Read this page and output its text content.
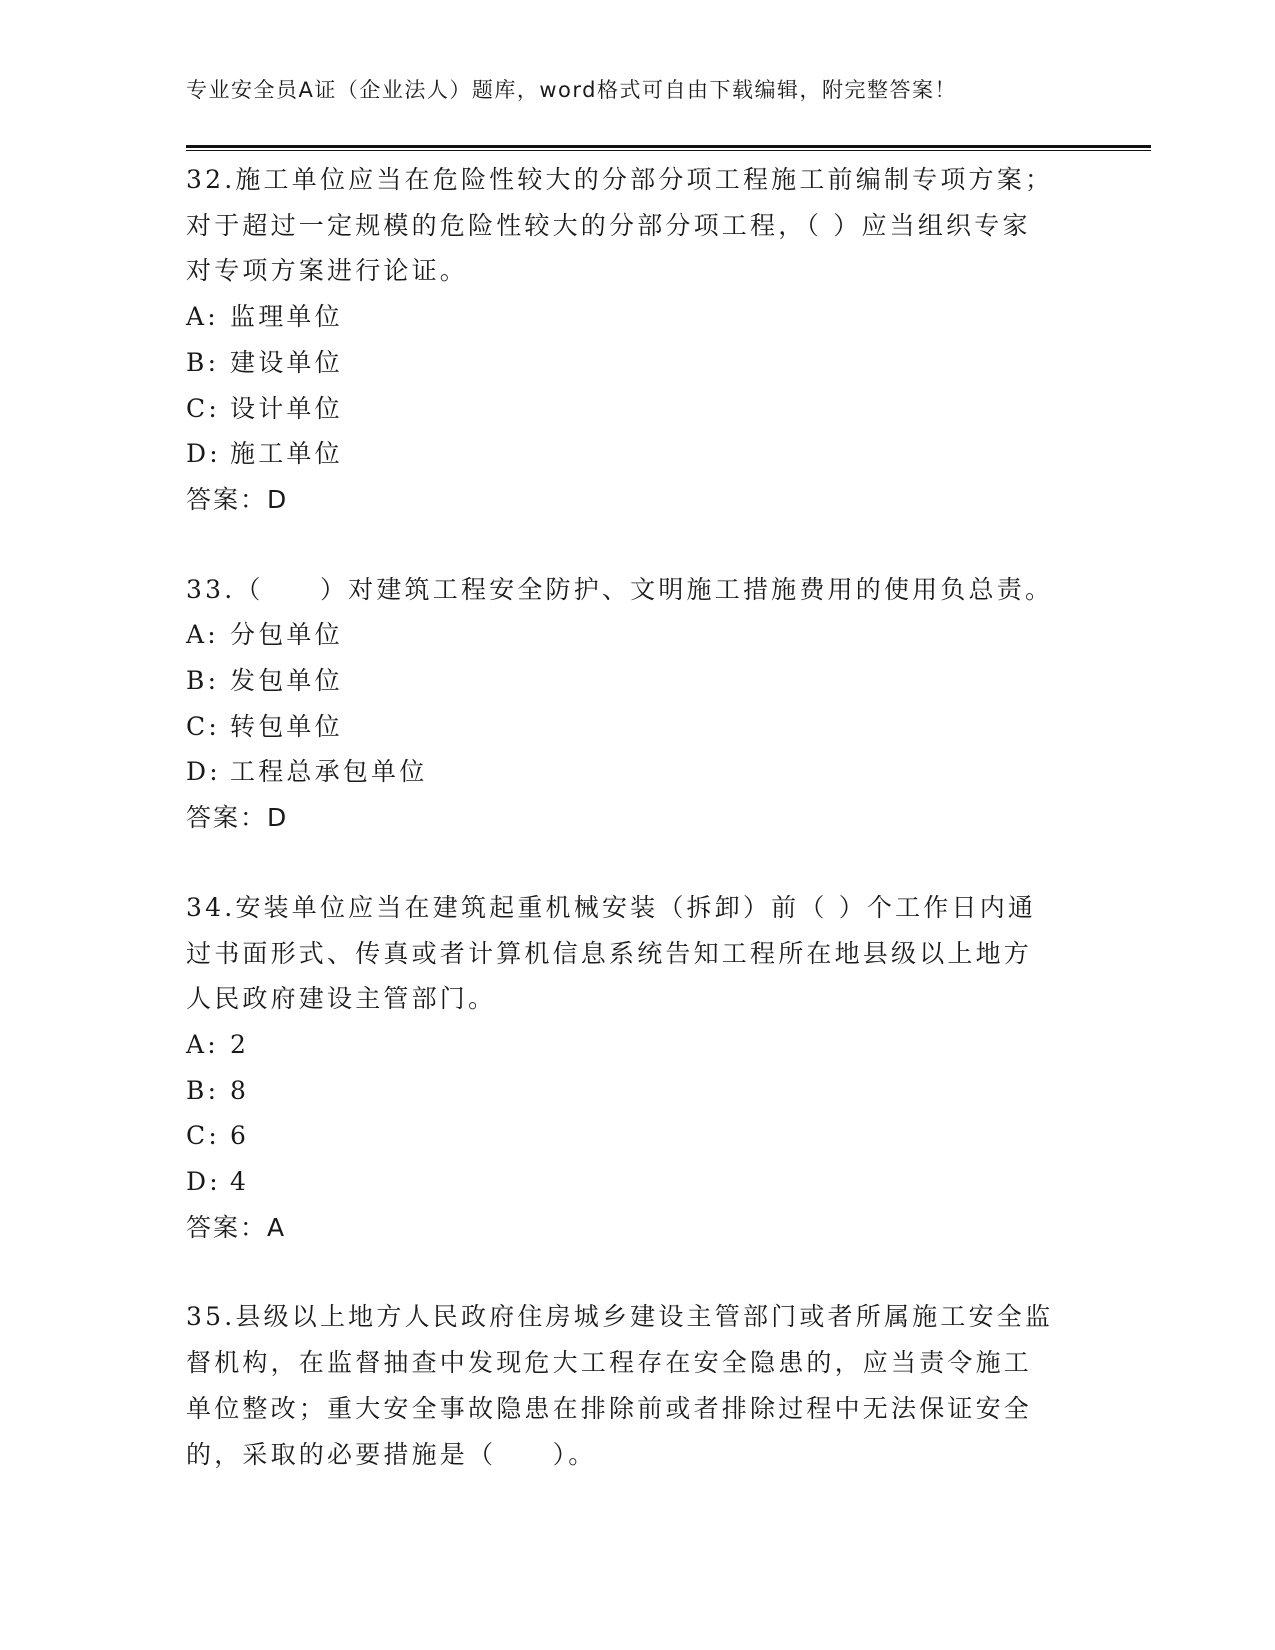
专业安全员A证（企业法人）题库，word格式可自由下载编辑，附完整答案！
32.施工单位应当在危险性较大的分部分项工程施工前编制专项方案；
对于超过一定规模的危险性较大的分部分项工程，（ ）应当组织专家
对专项方案进行论证。
A: 监理单位
B: 建设单位
C: 设计单位
D: 施工单位
答案：D
33.（　　）对建筑工程安全防护、文明施工措施费用的使用负总责。
A: 分包单位
B: 发包单位
C: 转包单位
D: 工程总承包单位
答案：D
34.安装单位应当在建筑起重机械安装（拆卸）前（ ）个工作日内通
过书面形式、传真或者计算机信息系统告知工程所在地县级以上地方
人民政府建设主管部门。
A: 2
B: 8
C: 6
D: 4
答案：A
35.县级以上地方人民政府住房城乡建设主管部门或者所属施工安全监
督机构，在监督抽查中发现危大工程存在安全隐患的，应当责令施工
单位整改；重大安全事故隐患在排除前或者排除过程中无法保证安全
的，采取的必要措施是（　　）。
